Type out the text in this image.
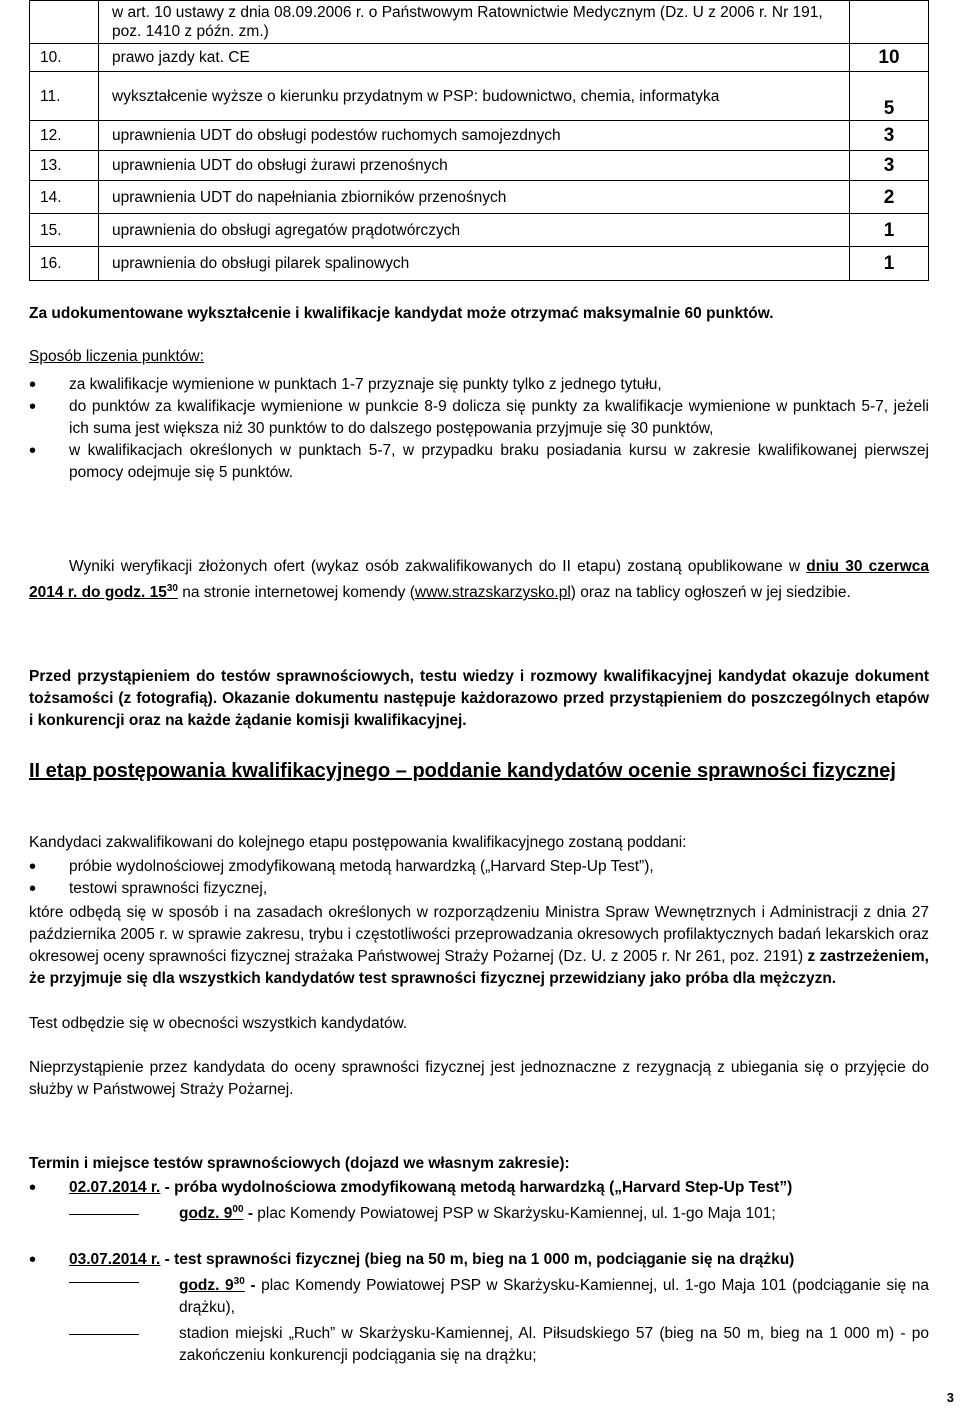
	w art. 10 ustawy z dnia 08.09.2006 r. o Państwowym Ratownictwie Medycznym (Dz. U z 2006 r. Nr 191, poz. 1410 z późn. zm.)	
10.	prawo jazdy kat. CE	10
11.	wykształcenie wyższe o kierunku przydatnym w PSP: budownictwo, chemia, informatyka	5
12.	uprawnienia UDT do obsługi podestów ruchomych samojezdnych	3
13.	uprawnienia UDT do obsługi żurawi przenośnych	3
14.	uprawnienia UDT do napełniania zbiorników przenośnych	2
15.	uprawnienia do obsługi agregatów prądotwórczych	1
16.	uprawnienia do obsługi pilarek spalinowych	1
Za udokumentowane wykształcenie i kwalifikacje kandydat może otrzymać maksymalnie 60 punktów.
Sposób liczenia punktów:
• za kwalifikacje wymienione w punktach 1-7 przyznaje się punkty tylko z jednego tytułu,
• do punktów za kwalifikacje wymienione w punkcie 8-9 dolicza się punkty za kwalifikacje wymienione w punktach 5-7, jeżeli ich suma jest większa niż 30 punktów to do dalszego postępowania przyjmuje się 30 punktów,
• w kwalifikacjach określonych w punktach 5-7, w przypadku braku posiadania kursu w zakresie kwalifikowanej pierwszej pomocy odejmuje się 5 punktów.
Wyniki weryfikacji złożonych ofert (wykaz osób zakwalifikowanych do II etapu) zostaną opublikowane w dniu 30 czerwca 2014 r. do godz. $15^{30}$ na stronie internetowej komendy (www.strazskarzysko.pl) oraz na tablicy ogłoszeń w jej siedzibie.
Przed przystąpieniem do testów sprawnościowych, testu wiedzy i rozmowy kwalifikacyjnej kandydat okazuje dokument tożsamości (z fotografią). Okazanie dokumentu następuje każdorazowo przed przystąpieniem do poszczególnych etapów i konkurencji oraz na każde żądanie komisji kwalifikacyjnej.
II etap postępowania kwalifikacyjnego – poddanie kandydatów ocenie sprawności fizycznej
Kandydaci zakwalifikowani do kolejnego etapu postępowania kwalifikacyjnego zostaną poddani:
• próbie wydolnościowej zmodyfikowaną metodą harwardzką („Harvard Step-Up Test”),
• testowi sprawności fizycznej,
które odbędą się w sposób i na zasadach określonych w rozporządzeniu Ministra Spraw Wewnętrznych i Administracji z dnia 27 października 2005 r. w sprawie zakresu, trybu i częstotliwości przeprowadzania okresowych profilaktycznych badań lekarskich oraz okresowej oceny sprawności fizycznej strażaka Państwowej Straży Pożarnej (Dz. U. z 2005 r. Nr 261, poz. 2191) z zastrzeżeniem, że przyjmuje się dla wszystkich kandydatów test sprawności fizycznej przewidziany jako próba dla mężczyzn.
Test odbędzie się w obecności wszystkich kandydatów.
Nieprzystąpienie przez kandydata do oceny sprawności fizycznej jest jednoznaczne z rezygnacją z ubiegania się o przyjęcie do służby w Państwowej Straży Pożarnej.
Termin i miejsce testów sprawnościowych (dojazd we własnym zakresie):
• 02.07.2014 r. - próba wydolnościowa zmodyfikowaną metodą harwardzką („Harvard Step-Up Test”)
godz. $9^{00}$ - plac Komendy Powiatowej PSP w Skarżysku-Kamiennej, ul. 1-go Maja 101;
• 03.07.2014 r. - test sprawności fizycznej (bieg na 50 m, bieg na 1 000 m, podciąganie się na drążku)
godz. $9^{30}$ - plac Komendy Powiatowej PSP w Skarżysku-Kamiennej, ul. 1-go Maja 101 (podciąganie się na drążku),
stadion miejski „Ruch” w Skarżysku-Kamiennej, Al. Piłsudskiego 57 (bieg na 50 m, bieg na 1 000 m) - po zakończeniu konkurencji podciągania się na drążku;
3
